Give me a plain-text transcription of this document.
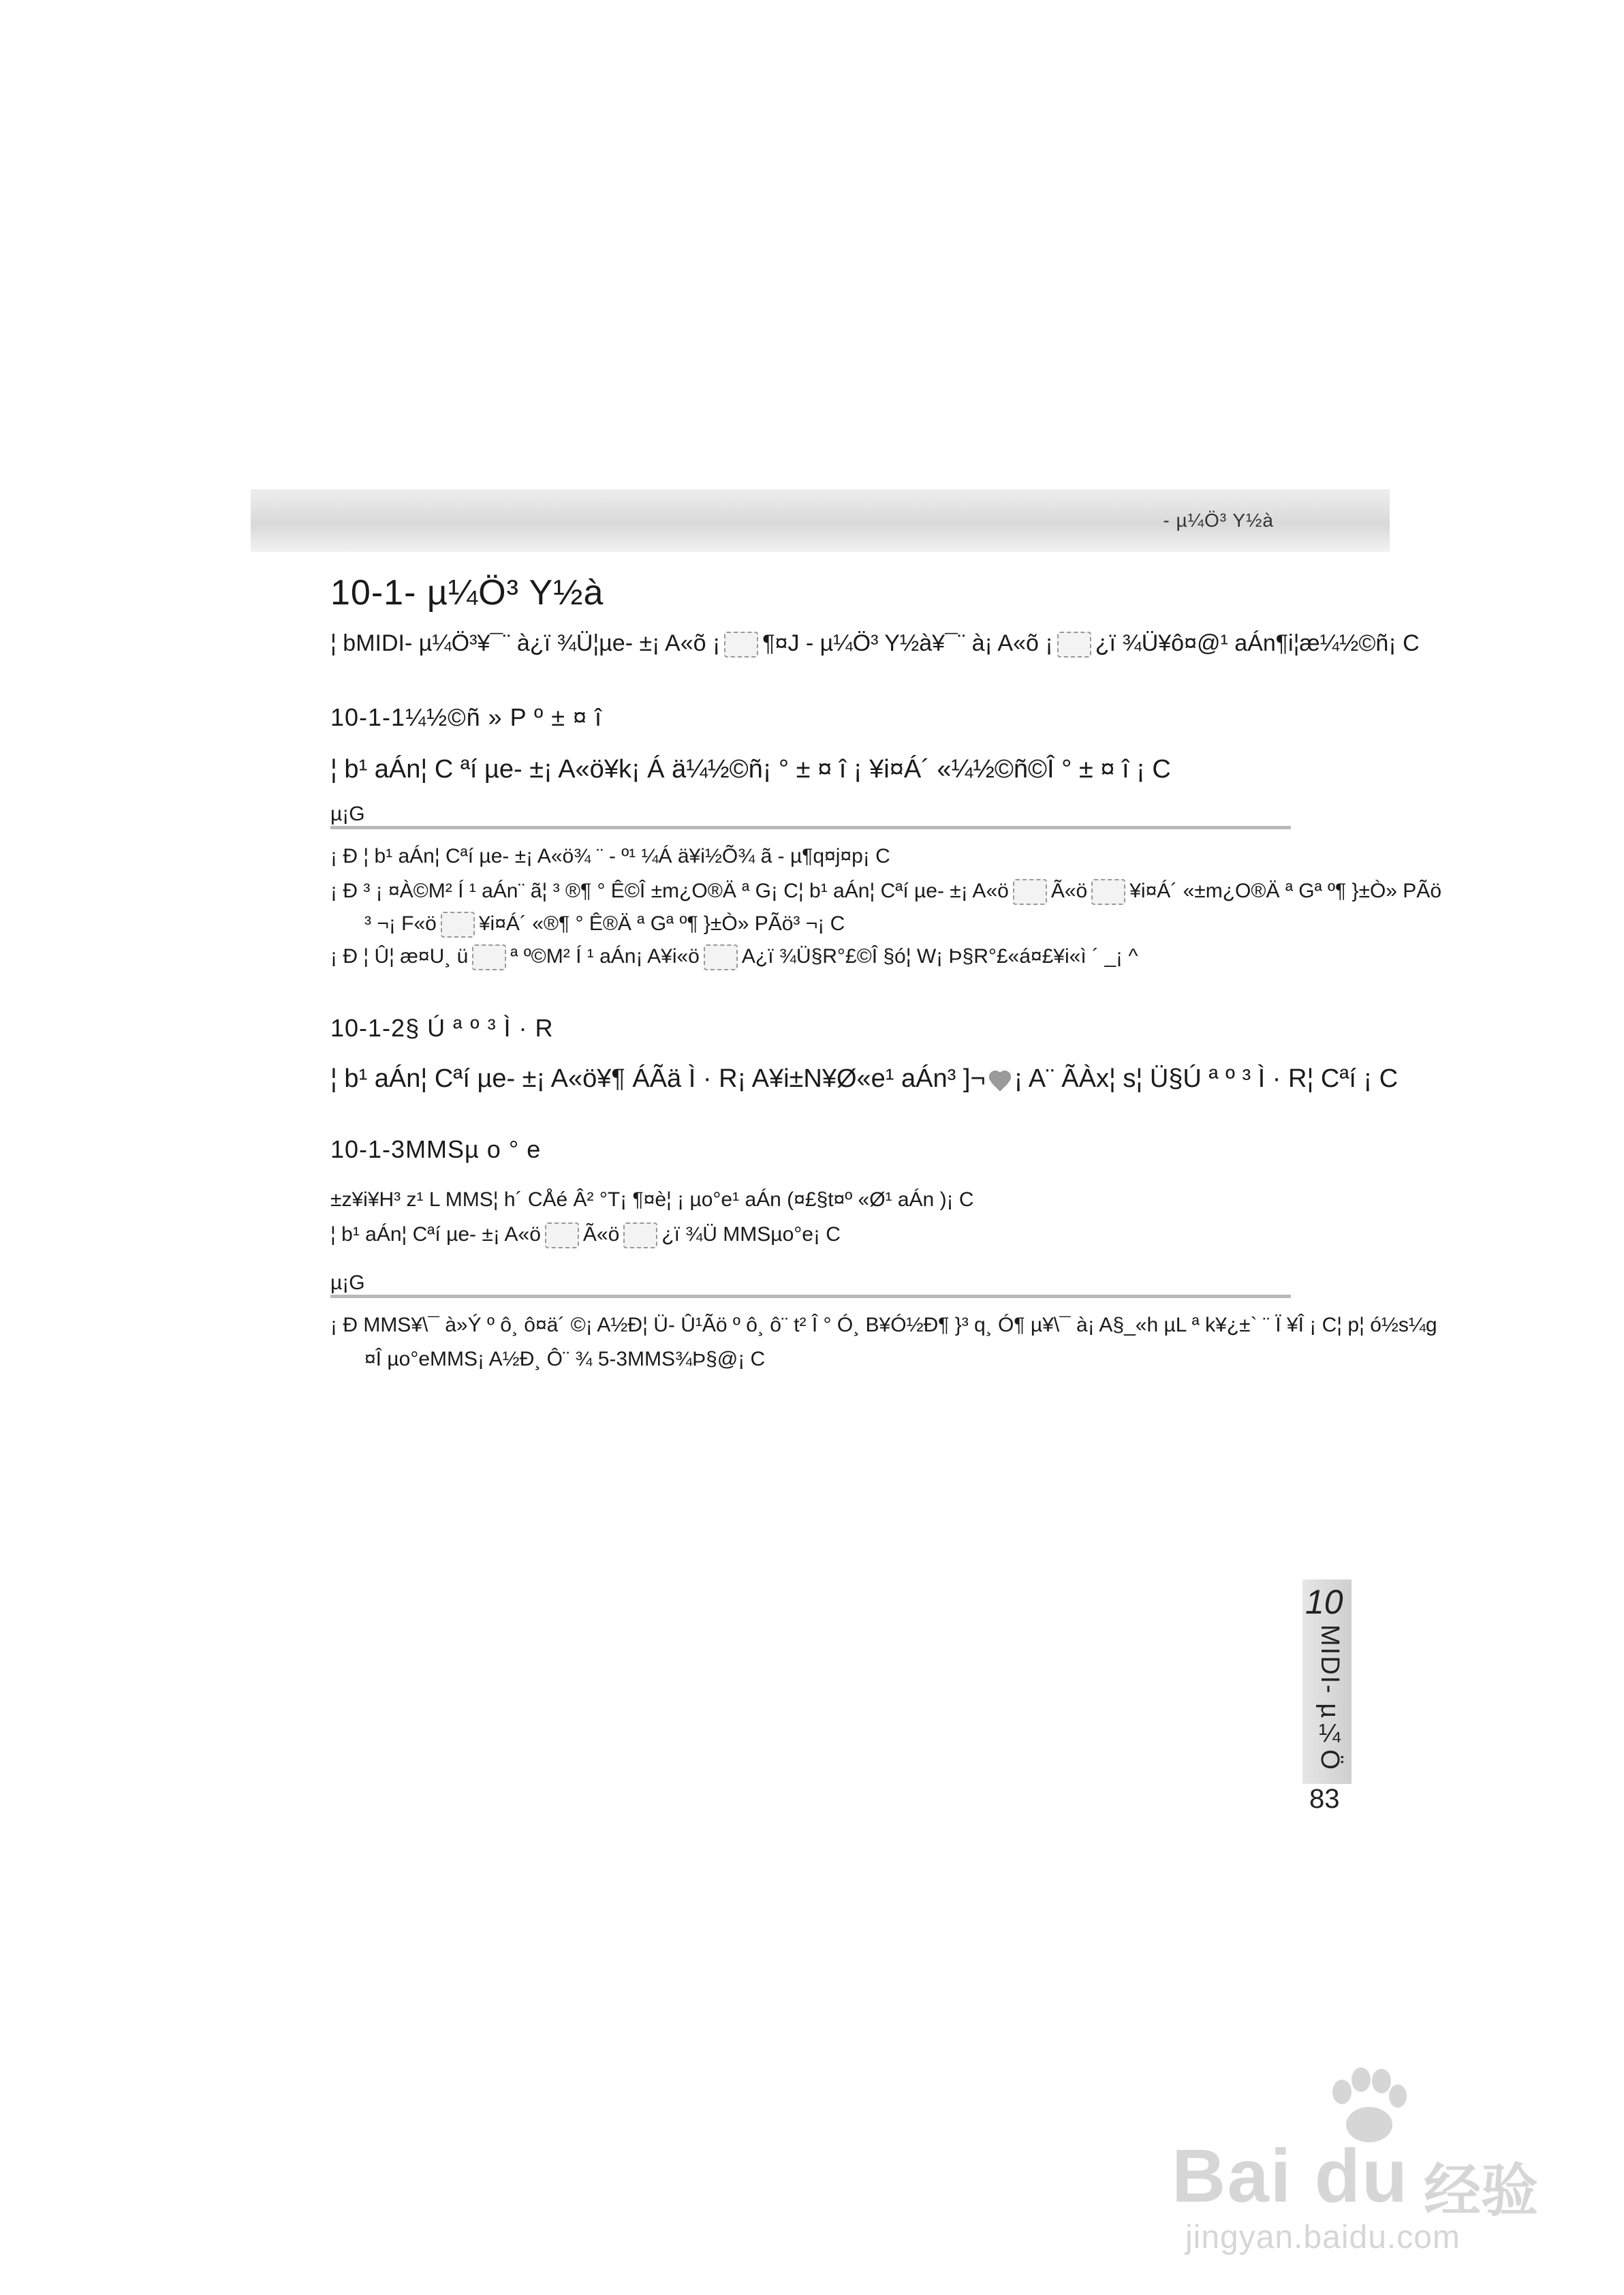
- µ¼Ö³ Y½à
10-1- µ¼Ö³ Y½à
¦ bMIDI- µ¼Ö³¥¯¨ à¿ï ¾Ü¦µe- ±¡ A«õ ¡ ¶¤J - µ¼Ö³ Y½à¥¯¨ à¡ A«õ ¡ ¿ï ¾Ü¥ô¤@¹ aÁn¶i¦æ¼½©ñ¡ C
10-1-1¼½©ñ » P º ± ¤ î
¦ b¹ aÁn¦ C ªí µe- ±¡ A«ö¥k¡ Á ä¼½©ñ¡ ° ± ¤ î ¡ ¥i¤Á´ «¼½©ñ©Î ° ± ¤ î ¡ C
µ¡G
¡ Ð ¦ b¹ aÁn¦ Cªí µe- ±¡ A«ö¾ ¨ - º¹ ¼Á ä¥i½Õ¾ ã - µ¶q¤j¤p¡ C
¡ Ð ³ ¡ ¤À©M² Í ¹ aÁn¨ ã¦ ³ ®¶ ° Ê©Î ±m¿O®Ä ª G¡ C¦ b¹ aÁn¦ Cªí µe- ±¡ A«ö Ã«ö ¥i¤Á´ «±m¿O®Ä ª Gª º¶ }±Ò» PÃö
³ ¬¡ F«ö ¥i¤Á´ «®¶ ° Ê®Ä ª Gª º¶ }±Ò» PÃö³ ¬¡ C
¡ Ð ¦ Û¦ æ¤U¸ ü ª º©M² Í ¹ aÁn¡ A¥i«ö A¿ï ¾Ü§R°£©Î §ó¦ W¡ Þ§R°£«á¤£¥i«ì ´ _¡ ^
10-1-2§ Ú ª º ³ Ì · R
¦ b¹ aÁn¦ Cªí µe- ±¡ A«ö¥¶ ÁÃä Ì · R¡ A¥i±N¥Ø«e¹ aÁn³ ]¬ ¡ A¨ ÃÀx¦ s¦ Ü§Ú ª º ³ Ì · R¦ Cªí ¡ C
10-1-3MMSµ o ° e
±z¥i¥H³ z¹ L MMS¦ h´ CÅé Â² °T¡ ¶¤è¦ ¡ µo°e¹ aÁn (¤£§t¤º «Ø¹ aÁn )¡ C
¦ b¹ aÁn¦ Cªí µe- ±¡ A«ö Ã«ö ¿ï ¾Ü MMSµo°e¡ C
µ¡G
¡ Ð MMS¥\¯ à»Ý º ô¸ ô¤ä´ ©¡ A½Ð¦ Ü- Û¹Ãö º ô¸ ô¨ t² Î ° Ó¸ B¥Ó½Ð¶ }³ q¸ Ó¶ µ¥\¯ à¡ A§_«h µL ª k¥¿±` ¨ Ï ¥Î ¡ C¦ p¦ ó½s¼g
¤Î µo°eMMS¡ A½Ð¸ Ô¨ ¾ 5-3MMS¾Þ§@¡ C
10
MIDI- µ¼Ö
83
Bai du 经验
jingyan.baidu.com
